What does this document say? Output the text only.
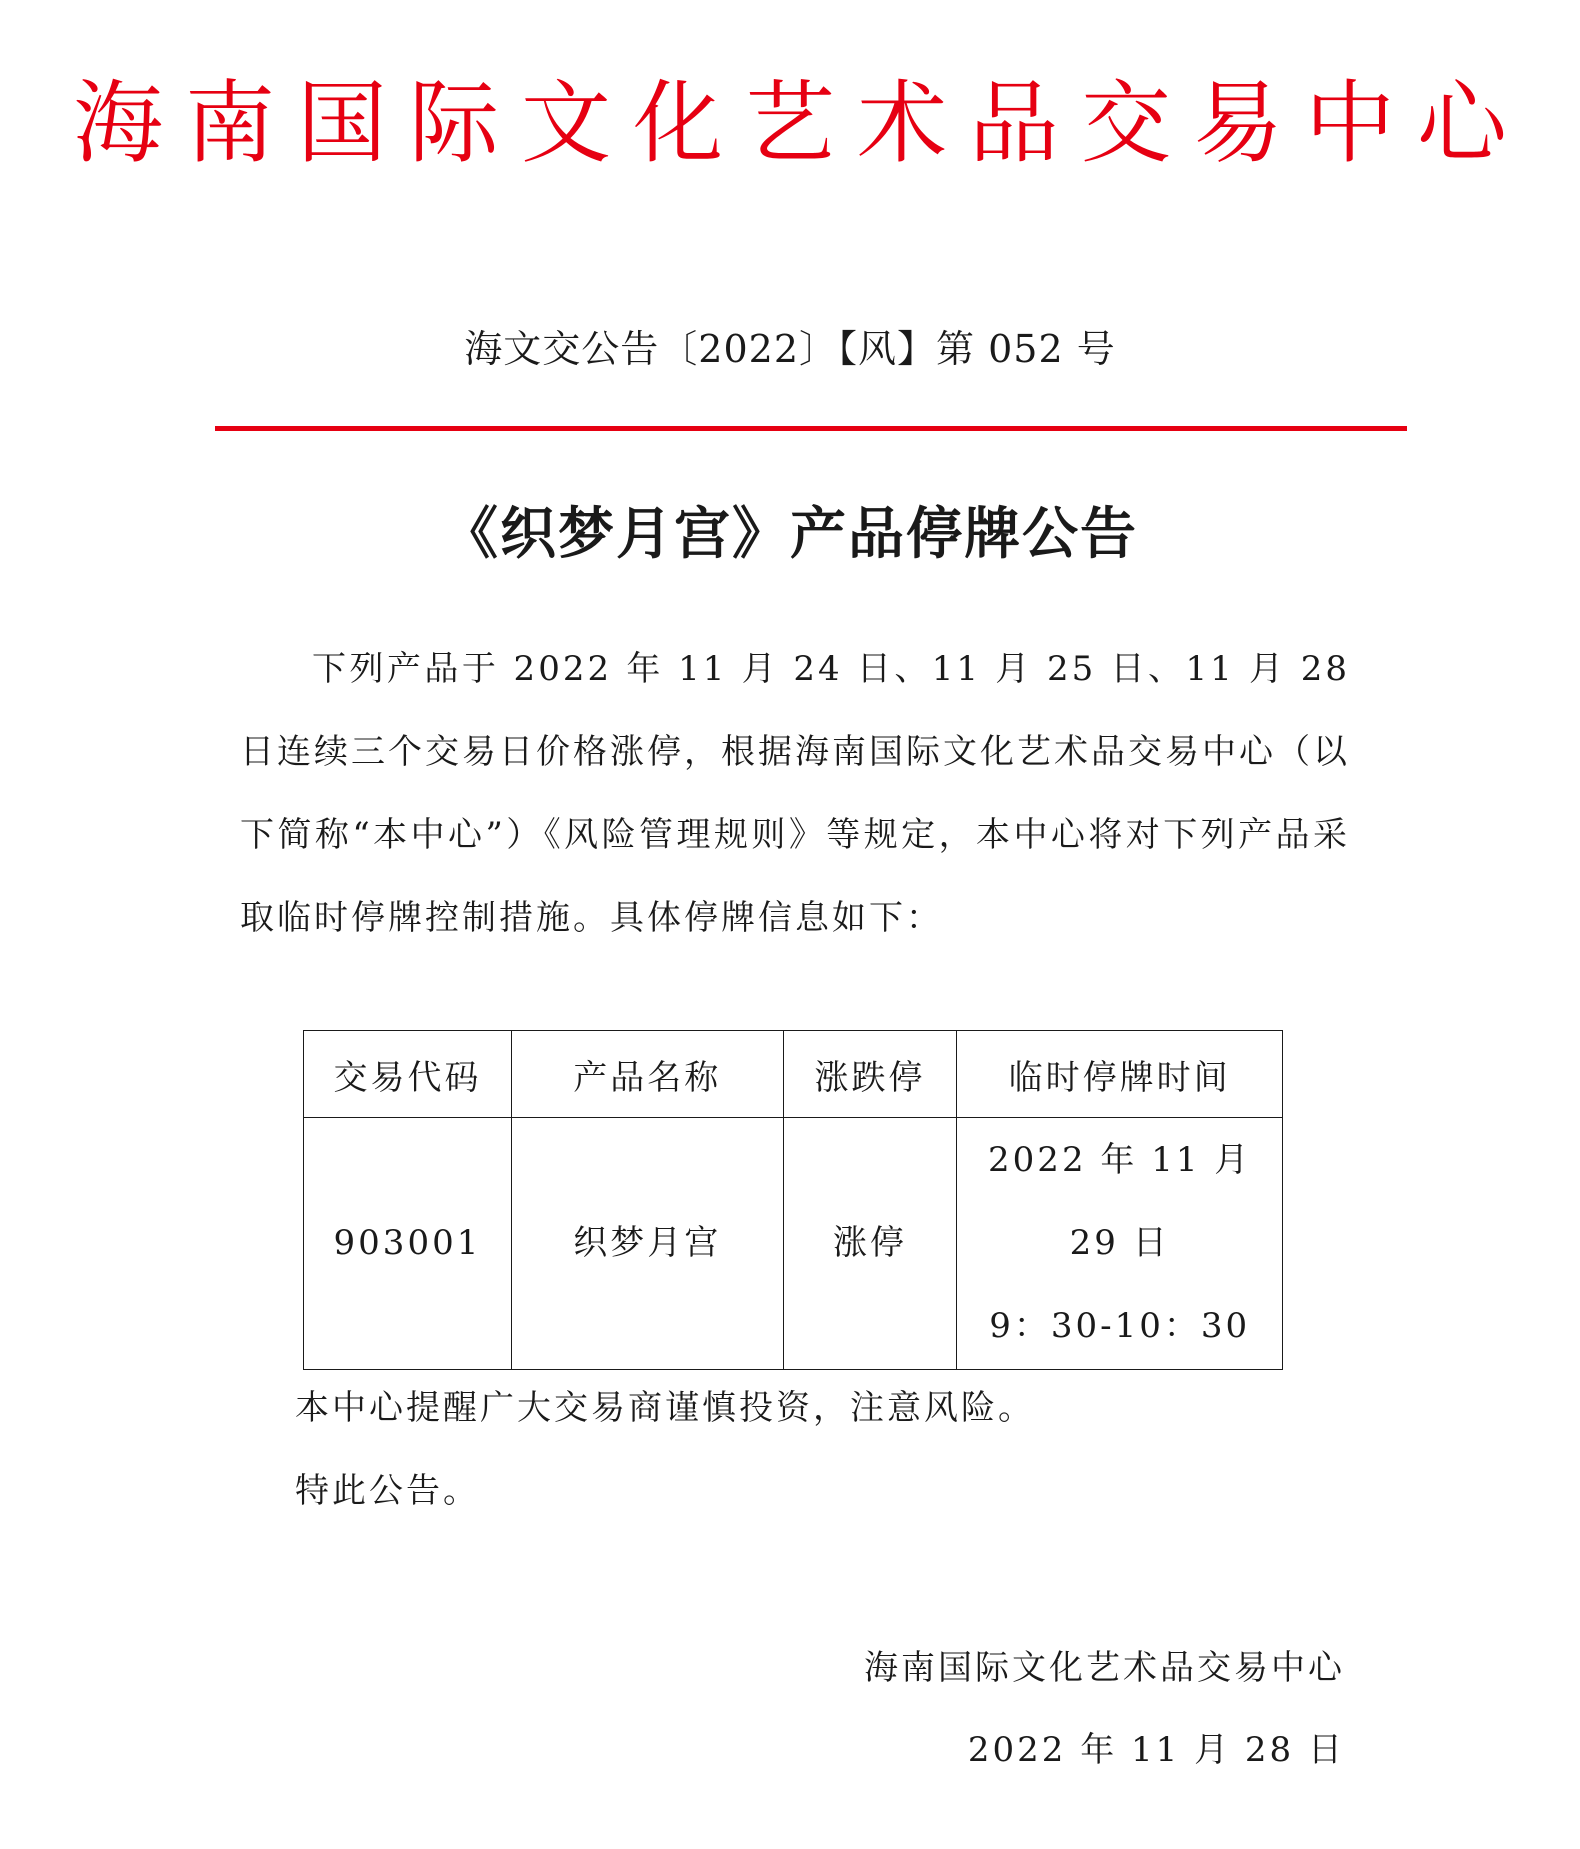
海南国际文化艺术品交易中心
海文交公告〔2022〕【风】第 052 号
《织梦月宫》产品停牌公告
下列产品于 2022 年 11 月 24 日、11 月 25 日、11 月 28 日连续三个交易日价格涨停，根据海南国际文化艺术品交易中心（以下简称“本中心”）《风险管理规则》等规定，本中心将对下列产品采取临时停牌控制措施。具体停牌信息如下：
交易代码	产品名称	涨跌停	临时停牌时间
903001	织梦月宫	涨停	2022 年 11 月 29 日
9：30-10：30
本中心提醒广大交易商谨慎投资，注意风险。
特此公告。
海南国际文化艺术品交易中心
2022 年 11 月 28 日
